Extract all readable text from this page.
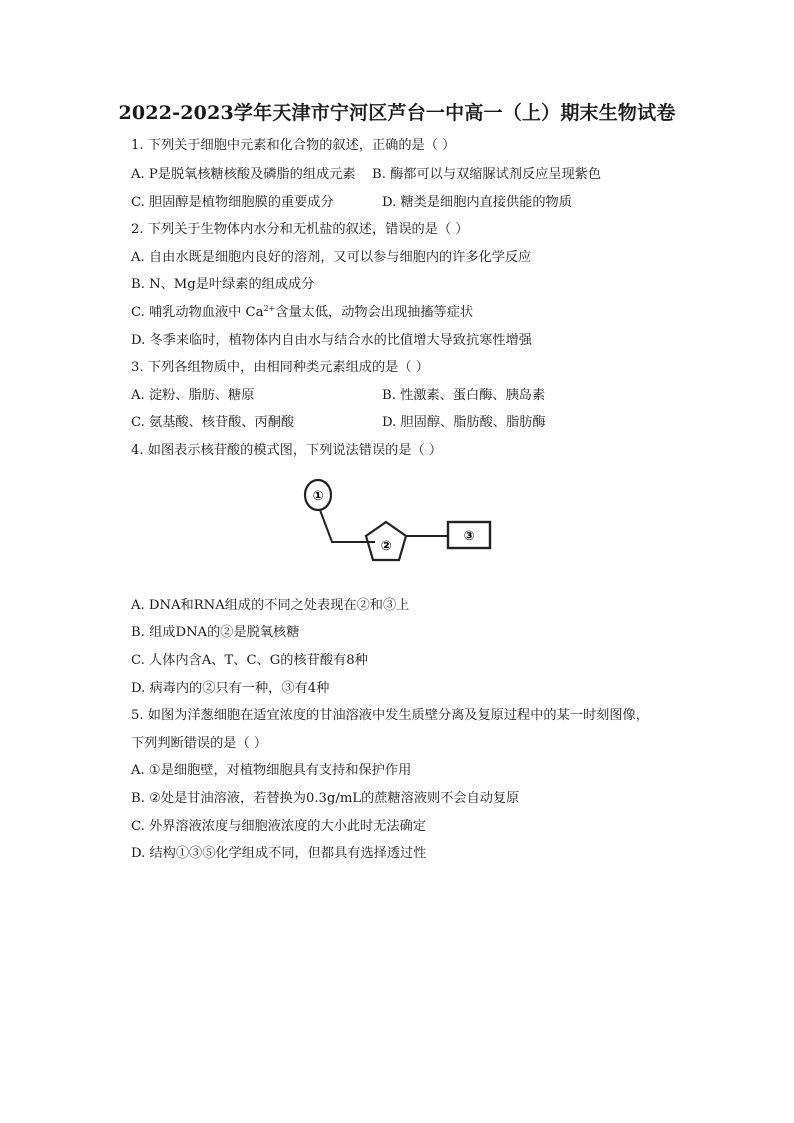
2022-2023学年天津市宁河区芦台一中高一（上）期末生物试卷
1. 下列关于细胞中元素和化合物的叙述，正确的是（ ）
A. P是脱氧核糖核酸及磷脂的组成元素 B. 酶都可以与双缩脲试剂反应呈现紫色
C. 胆固醇是植物细胞膜的重要成分	D. 糖类是细胞内直接供能的物质
2. 下列关于生物体内水分和无机盐的叙述，错误的是（ ）
A. 自由水既是细胞内良好的溶剂，又可以参与细胞内的许多化学反应
B. N、Mg是叶绿素的组成成分
C. 哺乳动物血液中 $Ca^{2+}$含量太低，动物会出现抽搐等症状
D. 冬季来临时，植物体内自由水与结合水的比值增大导致抗寒性增强
3. 下列各组物质中，由相同种类元素组成的是（ ）
A. 淀粉、脂肪、糖原	B. 性激素、蛋白酶、胰岛素
C. 氨基酸、核苷酸、丙酮酸	D. 胆固醇、脂肪酸、脂肪酶
4. 如图表示核苷酸的模式图，下列说法错误的是（ ）
①
②
③
A. DNA和RNA组成的不同之处表现在②和③上
B. 组成DNA的②是脱氧核糖
C. 人体内含A、T、C、G的核苷酸有8种
D. 病毒内的②只有一种，③有4种
5. 如图为洋葱细胞在适宜浓度的甘油溶液中发生质壁分离及复原过程中的某一时刻图像，
下列判断错误的是（ ）
A. ①是细胞壁，对植物细胞具有支持和保护作用
B. ②处是甘油溶液，若替换为0.3g/mL的蔗糖溶液则不会自动复原
C. 外界溶液浓度与细胞液浓度的大小此时无法确定
D. 结构①③⑤化学组成不同，但都具有选择透过性
